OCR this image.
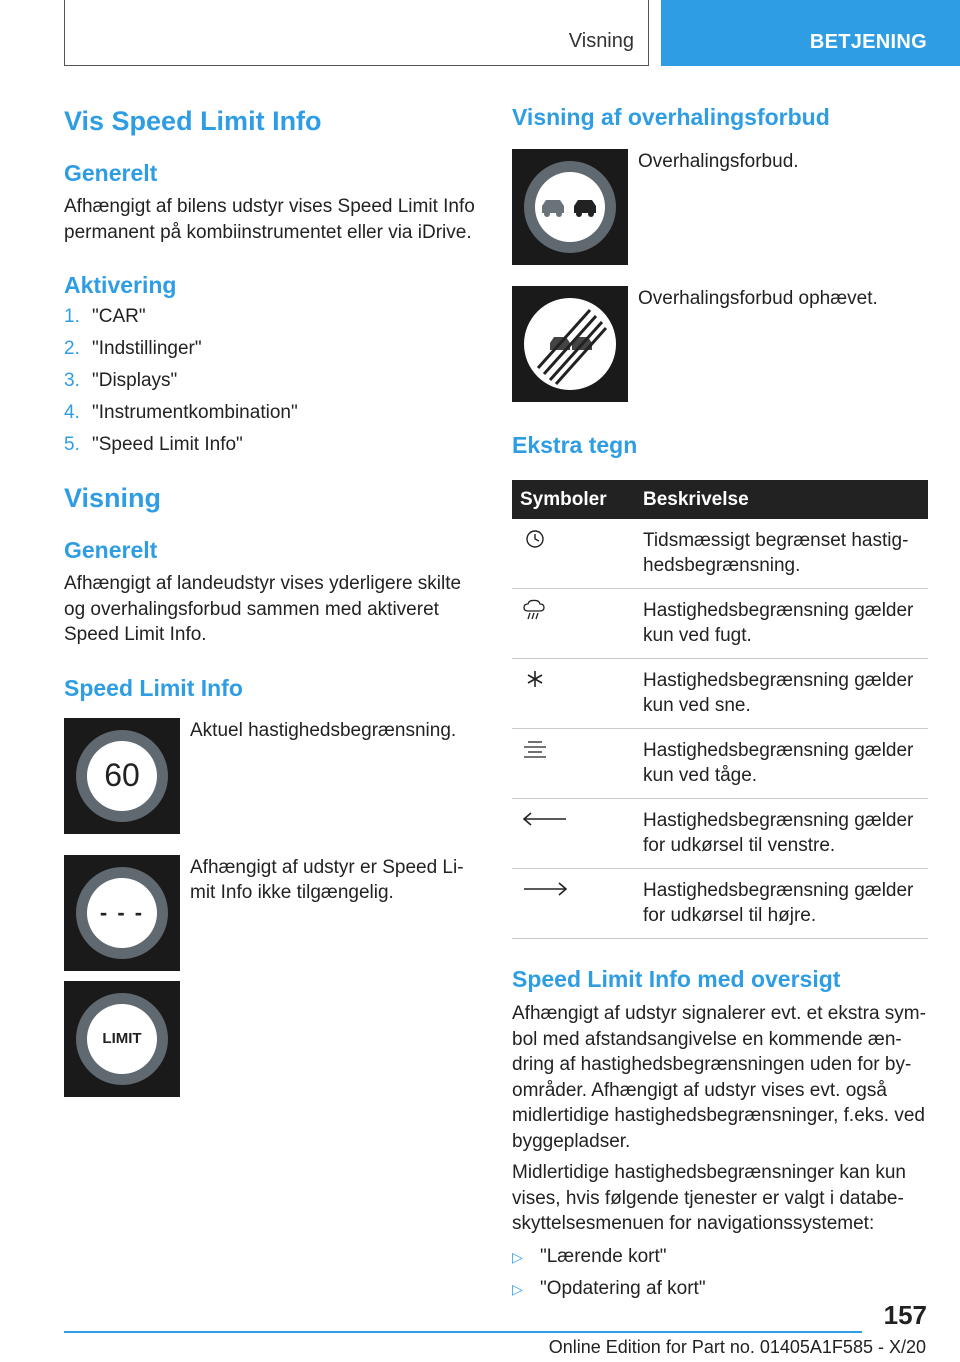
Visning	BETJENING
Vis Speed Limit Info
Generelt

Afhængigt af bilens udstyr vises Speed Limit Info permanent på kombiinstrumentet eller via iDrive.

Aktivering
1. "CAR"
2. "Indstillinger"
3. "Displays"
4. "Instrumentkombination"
5. "Speed Limit Info"
Visning
Generelt

Afhængigt af landeudstyr vises yderligere skilte og overhalingsforbud sammen med aktiveret Speed Limit Info.

Speed Limit Info
60
Aktuel hastighedsbegrænsning.
- - -
Afhængigt af udstyr er Speed Li- mit Info ikke tilgængelig.
LIMIT
Visning af overhalingsforbud
Overhalingsforbud.
Overhalingsforbud ophævet.
Ekstra tegn
Symboler	Beskrivelse
	Tidsmæssigt begrænset hastig- hedsbegrænsning.
	Hastighedsbegrænsning gælder kun ved fugt.
	Hastighedsbegrænsning gælder kun ved sne.
	Hastighedsbegrænsning gælder kun ved tåge.
	Hastighedsbegrænsning gælder for udkørsel til venstre.
	Hastighedsbegrænsning gælder for udkørsel til højre.
Speed Limit Info med oversigt

Afhængigt af udstyr signalerer evt. et ekstra sym- bol med afstandsangivelse en kommende æn- dring af hastighedsbegrænsningen uden for by- områder. Afhængigt af udstyr vises evt. også midlertidige hastighedsbegrænsninger, f.eks. ved byggepladser.

Midlertidige hastighedsbegrænsninger kan kun vises, hvis følgende tjenester er valgt i databe- skyttelsesmenuen for navigationssystemet:

▷ "Lærende kort"
▷ "Opdatering af kort"
157
Online Edition for Part no. 01405A1F585 - X/20
